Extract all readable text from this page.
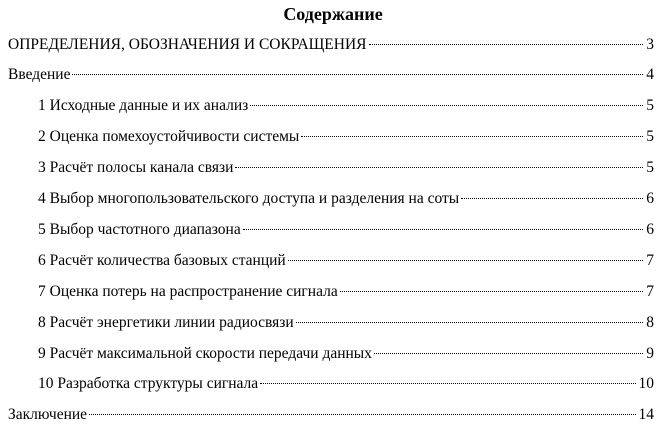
Содержание
ОПРЕДЕЛЕНИЯ, ОБОЗНАЧЕНИЯ И СОКРАЩЕНИЯ	3
Введение	4
1 Исходные данные и их анализ	5
2 Оценка помехоустойчивости системы	5
3 Расчёт полосы канала связи	5
4 Выбор многопользовательского доступа и разделения на соты	6
5 Выбор частотного диапазона	6
6 Расчёт количества базовых станций	7
7 Оценка потерь на распространение сигнала	7
8 Расчёт энергетики линии радиосвязи	8
9 Расчёт максимальной скорости передачи данных	9
10 Разработка структуры сигнала	10
Заключение	14
